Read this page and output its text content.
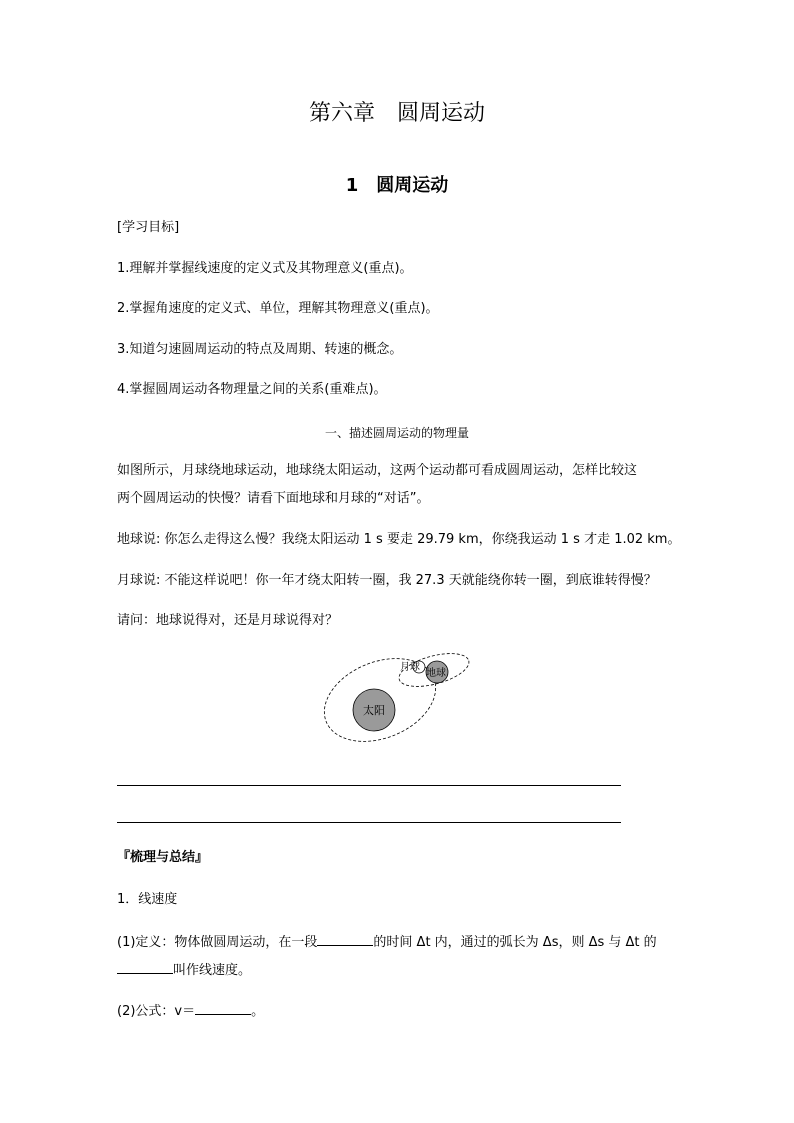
第六章　圆周运动
1　圆周运动
[学习目标]
1.理解并掌握线速度的定义式及其物理意义(重点)。
2.掌握角速度的定义式、单位，理解其物理意义(重点)。
3.知道匀速圆周运动的特点及周期、转速的概念。
4.掌握圆周运动各物理量之间的关系(重难点)。
一、描述圆周运动的物理量
如图所示，月球绕地球运动，地球绕太阳运动，这两个运动都可看成圆周运动，怎样比较这
两个圆周运动的快慢？请看下面地球和月球的“对话”。
地球说: 你怎么走得这么慢？我绕太阳运动 1 s 要走 29.79 km，你绕我运动 1 s 才走 1.02 km。
月球说: 不能这样说吧！你一年才绕太阳转一圈，我 27.3 天就能绕你转一圈，到底谁转得慢？
请问：地球说得对，还是月球说得对？
太阳
月球
地球
『梳理与总结』
1．线速度
(1)定义：物体做圆周运动，在一段	的时间 Δt 内，通过的弧长为 Δs，则 Δs 与 Δt 的
叫作线速度。
(2)公式：v＝	。
